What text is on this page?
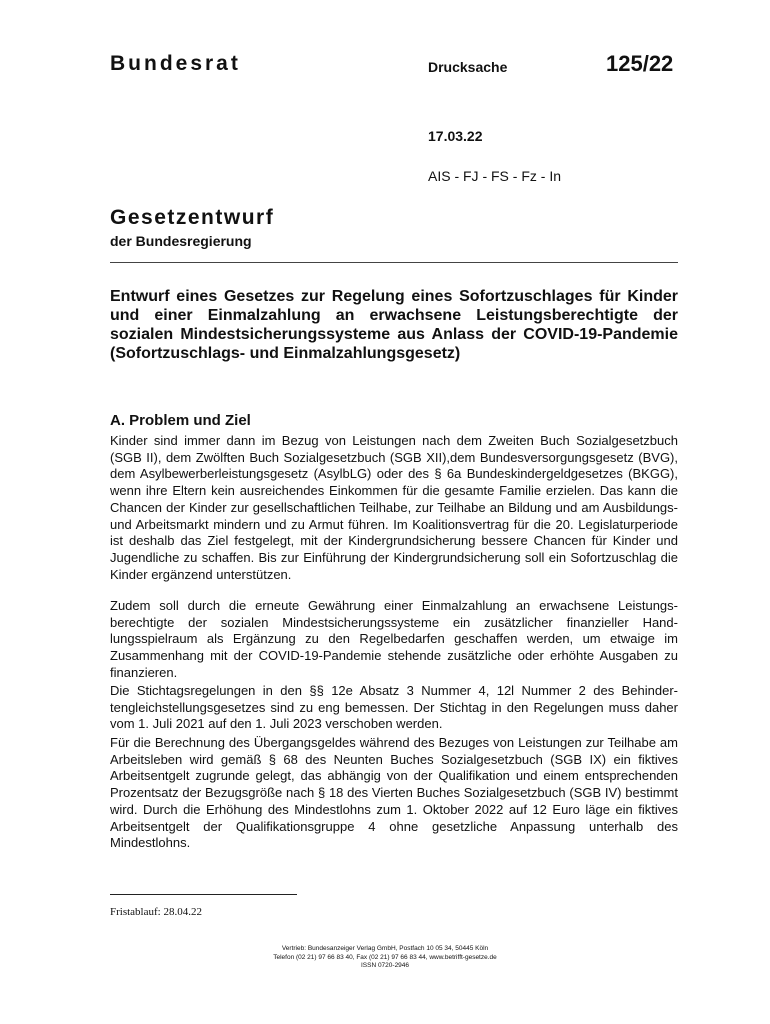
Bundesrat	Drucksache	125/22
17.03.22
AIS - FJ - FS - Fz - In
Gesetzentwurf
der Bundesregierung
Entwurf eines Gesetzes zur Regelung eines Sofortzuschlages für Kinder und einer Einmalzahlung an erwachsene Leistungsberechtigte der sozialen Mindestsicherungssysteme aus Anlass der COVID-19-Pandemie (Sofortzuschlags- und Einmalzahlungsgesetz)
A. Problem und Ziel
Kinder sind immer dann im Bezug von Leistungen nach dem Zweiten Buch Sozialgesetzbuch (SGB II), dem Zwölften Buch Sozialgesetzbuch (SGB XII),dem Bundesversorgungsgesetz (BVG), dem Asylbewerberleistungsgesetz (AsylbLG) oder des § 6a Bundeskindergeldgesetzes (BKGG), wenn ihre Eltern kein ausreichendes Einkommen für die gesamte Familie erzielen. Das kann die Chancen der Kinder zur gesellschaftlichen Teilhabe, zur Teilhabe an Bildung und am Ausbildungs- und Arbeitsmarkt mindern und zu Armut führen. Im Koalitionsvertrag für die 20. Legislaturperiode ist deshalb das Ziel festgelegt, mit der Kindergrundsicherung bessere Chancen für Kinder und Jugendliche zu schaffen. Bis zur Einführung der Kindergrundsicherung soll ein Sofortzuschlag die Kinder ergänzend unterstützen.
Zudem soll durch die erneute Gewährung einer Einmalzahlung an erwachsene Leistungsberechtigte der sozialen Mindestsicherungssysteme ein zusätzlicher finanzieller Handlungsspielraum als Ergänzung zu den Regelbedarfen geschaffen werden, um etwaige im Zusammenhang mit der COVID-19-Pandemie stehende zusätzliche oder erhöhte Ausgaben zu finanzieren.
Die Stichtagsregelungen in den §§ 12e Absatz 3 Nummer 4, 12l Nummer 2 des Behindertengleichstellungsgesetzes sind zu eng bemessen. Der Stichtag in den Regelungen muss daher vom 1. Juli 2021 auf den 1. Juli 2023 verschoben werden.
Für die Berechnung des Übergangsgeldes während des Bezuges von Leistungen zur Teilhabe am Arbeitsleben wird gemäß § 68 des Neunten Buches Sozialgesetzbuch (SGB IX) ein fiktives Arbeitsentgelt zugrunde gelegt, das abhängig von der Qualifikation und einem entsprechenden Prozentsatz der Bezugsgröße nach § 18 des Vierten Buches Sozialgesetzbuch (SGB IV) bestimmt wird. Durch die Erhöhung des Mindestlohns zum 1. Oktober 2022 auf 12 Euro läge ein fiktives Arbeitsentgelt der Qualifikationsgruppe 4 ohne gesetzliche Anpassung unterhalb des Mindestlohns.
Fristablauf: 28.04.22
Vertrieb: Bundesanzeiger Verlag GmbH, Postfach 10 05 34, 50445 Köln
Telefon (02 21) 97 66 83 40, Fax (02 21) 97 66 83 44, www.betrifft-gesetze.de
ISSN 0720-2946
